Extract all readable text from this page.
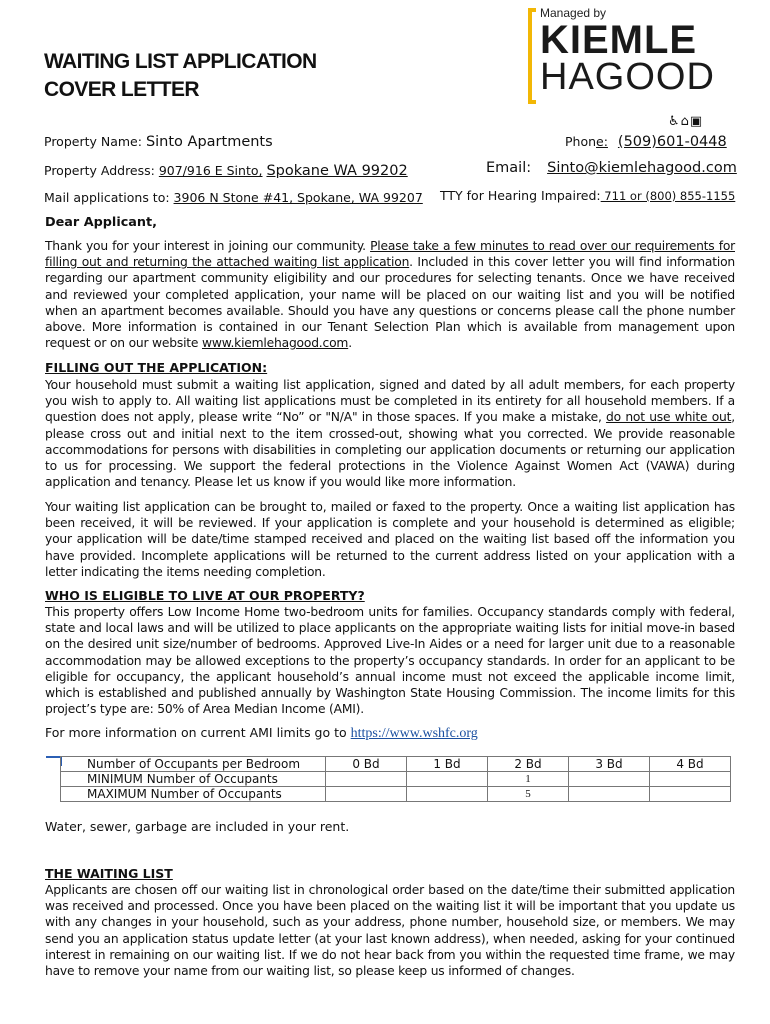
WAITING LIST APPLICATION
COVER LETTER
Managed by
KIEMLE
HAGOOD
♿⌂▣
Property Name: Sinto Apartments
Property Address: 907/916 E Sinto, Spokane WA 99202
Mail applications to: 3906 N Stone #41, Spokane, WA 99207
Phone: (509)601-0448
Email: Sinto@kiemlehagood.com
TTY for Hearing Impaired: 711 or (800) 855-1155
Dear Applicant,

Thank you for your interest in joining our community. Please take a few minutes to read over our requirements for filling out and returning the attached waiting list application. Included in this cover letter you will find information regarding our apartment community eligibility and our procedures for selecting tenants. Once we have received and reviewed your completed application, your name will be placed on our waiting list and you will be notified when an apartment becomes available. Should you have any questions or concerns please call the phone number above. More information is contained in our Tenant Selection Plan which is available from management upon request or on our website www.kiemlehagood.com.

FILLING OUT THE APPLICATION:

Your household must submit a waiting list application, signed and dated by all adult members, for each property you wish to apply to. All waiting list applications must be completed in its entirety for all household members. If a question does not apply, please write “No” or "N/A" in those spaces. If you make a mistake, do not use white out, please cross out and initial next to the item crossed-out, showing what you corrected. We provide reasonable accommodations for persons with disabilities in completing our application documents or returning our application to us for processing. We support the federal protections in the Violence Against Women Act (VAWA) during application and tenancy. Please let us know if you would like more information.

Your waiting list application can be brought to, mailed or faxed to the property. Once a waiting list application has been received, it will be reviewed. If your application is complete and your household is determined as eligible; your application will be date/time stamped received and placed on the waiting list based off the information you have provided. Incomplete applications will be returned to the current address listed on your application with a letter indicating the items needing completion.

WHO IS ELIGIBLE TO LIVE AT OUR PROPERTY?

This property offers Low Income Home two-bedroom units for families. Occupancy standards comply with federal, state and local laws and will be utilized to place applicants on the appropriate waiting lists for initial move-in based on the desired unit size/number of bedrooms. Approved Live-In Aides or a need for larger unit due to a reasonable accommodation may be allowed exceptions to the property’s occupancy standards. In order for an applicant to be eligible for occupancy, the applicant household’s annual income must not exceed the applicable income limit, which is established and published annually by Washington State Housing Commission. The income limits for this project’s type are: 50% of Area Median Income (AMI).

For more information on current AMI limits go to https://www.wshfc.org
Number of Occupants per Bedroom	0 Bd	1 Bd	2 Bd	3 Bd	4 Bd
MINIMUM Number of Occupants			1		
MAXIMUM Number of Occupants			5		
Water, sewer, garbage are included in your rent.
THE WAITING LIST

Applicants are chosen off our waiting list in chronological order based on the date/time their submitted application was received and processed. Once you have been placed on the waiting list it will be important that you update us with any changes in your household, such as your address, phone number, household size, or members. We may send you an application status update letter (at your last known address), when needed, asking for your continued interest in remaining on our waiting list. If we do not hear back from you within the requested time frame, we may have to remove your name from our waiting list, so please keep us informed of changes.
